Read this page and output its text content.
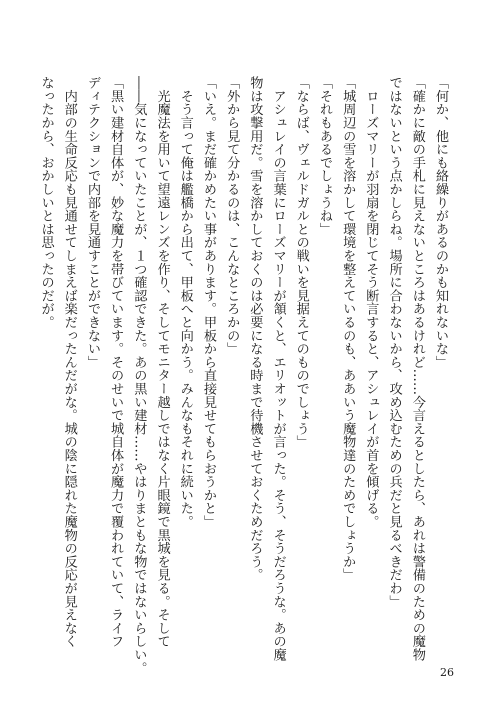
「何か、他にも絡繰りがあるのかも知れないな」
「確かに敵の手札に見えないところはあるけれど……今言えるとしたら、あれは警備のための魔物
ではないという点かしらね。場所に合わないから、攻め込むための兵だと見るべきだわ」
　ローズマリーが羽扇を閉じてそう断言すると、アシュレイが首を傾げる。
「城周辺の雪を溶かして環境を整えているのも、ああいう魔物達のためでしょうか」
「それもあるでしょうね」
「ならば、ヴェルドガルとの戦いを見据えてのものでしょう」
　アシュレイの言葉にローズマリーが頷くと、エリオットが言った。そう、そうだろうな。あの魔
物は攻撃用だ。雪を溶かしておくのは必要になる時まで待機させておくためだろう。
「外から見て分かるのは、こんなところかの」
「いえ。まだ確かめたい事があります。甲板から直接見せてもらおうかと」
　そう言って俺は艦橋から出て、甲板へと向かう。みんなもそれに続いた。
　光魔法を用いて望遠レンズを作り、そしてモニター越しではなく片眼鏡で黒城を見る。そして
――気になっていたことが、１つ確認できた。あの黒い建材……やはりまともな物ではないらしい。
「黒い建材自体が、妙な魔力を帯びています。そのせいで城自体が魔力で覆われていて、ライフ
ディテクションで内部を見通すことができない」
　内部の生命反応も見通せてしまえば楽だったんだがな。城の陰に隠れた魔物の反応が見えなく
なったから、おかしいとは思ったのだが。
26
